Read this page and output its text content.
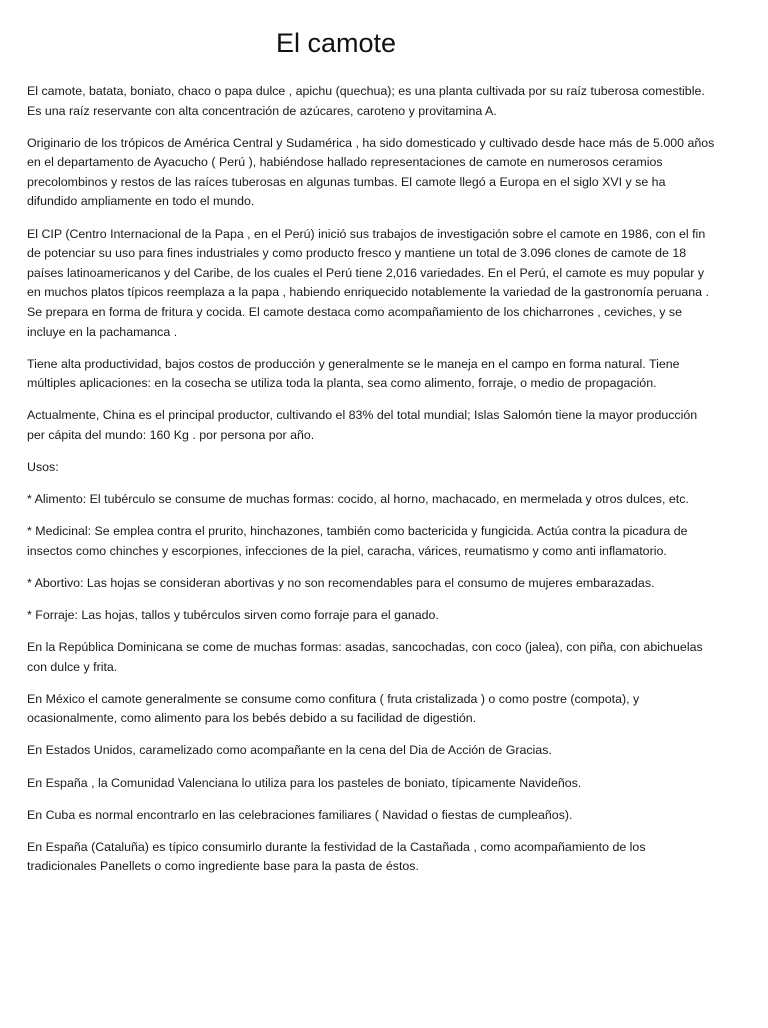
El camote

El camote, batata, boniato, chaco o papa dulce , apichu (quechua); es una planta cultivada por su raíz tuberosa comestible. Es una raíz reservante con alta concentración de azúcares, caroteno y provitamina A.

Originario de los trópicos de América Central y Sudamérica , ha sido domesticado y cultivado desde hace más de 5.000 años en el departamento de Ayacucho ( Perú ), habiéndose hallado representaciones de camote en numerosos ceramios precolombinos y restos de las raíces tuberosas en algunas tumbas. El camote llegó a Europa en el siglo XVI y se ha difundido ampliamente en todo el mundo.

El CIP (Centro Internacional de la Papa , en el Perú) inició sus trabajos de investigación sobre el camote en 1986, con el fin de potenciar su uso para fines industriales y como producto fresco y mantiene un total de 3.096 clones de camote de 18 países latinoamericanos y del Caribe, de los cuales el Perú tiene 2,016 variedades. En el Perú, el camote es muy popular y en muchos platos típicos reemplaza a la papa , habiendo enriquecido notablemente la variedad de la gastronomía peruana . Se prepara en forma de fritura y cocida. El camote destaca como acompañamiento de los chicharrones , ceviches, y se incluye en la pachamanca .

Tiene alta productividad, bajos costos de producción y generalmente se le maneja en el campo en forma natural. Tiene múltiples aplicaciones: en la cosecha se utiliza toda la planta, sea como alimento, forraje, o medio de propagación.

Actualmente, China es el principal productor, cultivando el 83% del total mundial; Islas Salomón tiene la mayor producción per cápita del mundo: 160 Kg . por persona por año.

Usos:

* Alimento: El tubérculo se consume de muchas formas: cocido, al horno, machacado, en mermelada y otros dulces, etc.

* Medicinal: Se emplea contra el prurito, hinchazones, también como bactericida y fungicida. Actúa contra la picadura de insectos como chinches y escorpiones, infecciones de la piel, caracha, várices, reumatismo y como anti inflamatorio.

* Abortivo: Las hojas se consideran abortivas y no son recomendables para el consumo de mujeres embarazadas.

* Forraje: Las hojas, tallos y tubérculos sirven como forraje para el ganado.

En la República Dominicana se come de muchas formas: asadas, sancochadas, con coco (jalea), con piña, con abichuelas con dulce y frita.

En México el camote generalmente se consume como confitura ( fruta cristalizada ) o como postre (compota), y ocasionalmente, como alimento para los bebés debido a su facilidad de digestión.

En Estados Unidos, caramelizado como acompañante en la cena del Dia de Acción de Gracias.

En España , la Comunidad Valenciana lo utiliza para los pasteles de boniato, típicamente Navideños.

En Cuba es normal encontrarlo en las celebraciones familiares ( Navidad o fiestas de cumpleaños).

En España (Cataluña) es típico consumirlo durante la festividad de la Castañada , como acompañamiento de los tradicionales Panellets o como ingrediente base para la pasta de éstos.
